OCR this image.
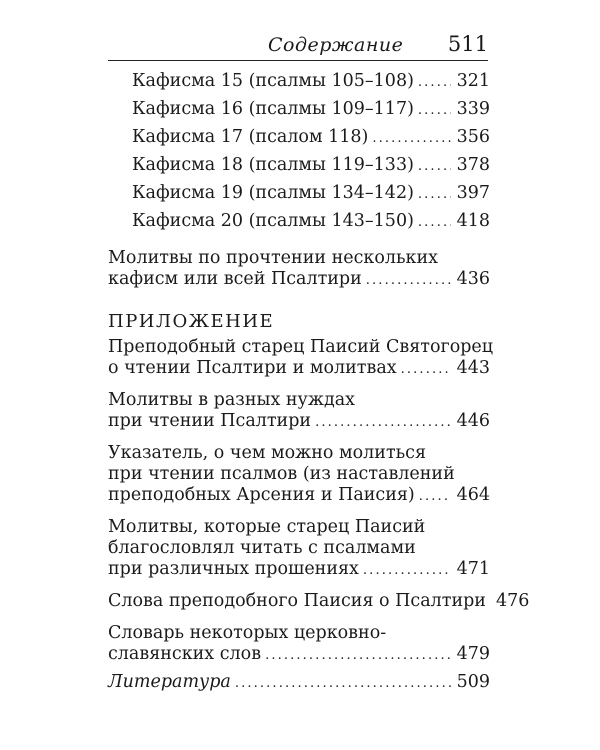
Содержание 511
Кафисма 15 (псалмы 105–108) . . . 321
Кафисма 16 (псалмы 109–117) . . . 339
Кафисма 17 (псалом 118) . . .	356
Кафисма 18 (псалмы 119–133) . . . 378
Кафисма 19 (псалмы 134–142) . . . 397
Кафисма 20 (псалмы 143–150) . . . 418
Молитвы по прочтении нескольких
кафисм или всей Псалтири . . .	436
ПРИЛОЖЕНИЕ
Преподобный старец Паисий Святогорец
о чтении Псалтири и молитвах . . .	443
Молитвы в разных нуждах
при чтении Псалтири . . .	446
Указатель, о чем можно молиться
при чтении псалмов (из наставлений
преподобных Арсения и Паисия) . . . 464
Молитвы, которые старец Паисий
благословлял читать с псалмами
при различных прошениях . . .	471
Слова преподобного Паисия о Псалтири 476
Словарь некоторых церковно-
славянских слов . . .	479
Литература . . .	509
